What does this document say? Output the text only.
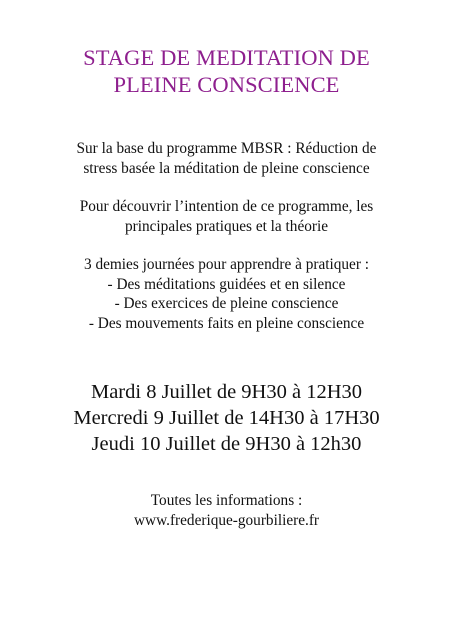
STAGE DE MEDITATION DE
PLEINE CONSCIENCE
Sur la base du programme MBSR : Réduction de
stress basée la méditation de pleine conscience
Pour découvrir l’intention de ce programme, les
principales pratiques et la théorie
3 demies journées pour apprendre à pratiquer :
- Des méditations guidées et en silence
- Des exercices de pleine conscience
- Des mouvements faits en pleine conscience
Mardi 8 Juillet de 9H30 à 12H30
Mercredi 9 Juillet de 14H30 à 17H30
Jeudi 10 Juillet de 9H30 à 12h30
Toutes les informations :
www.frederique-gourbiliere.fr
